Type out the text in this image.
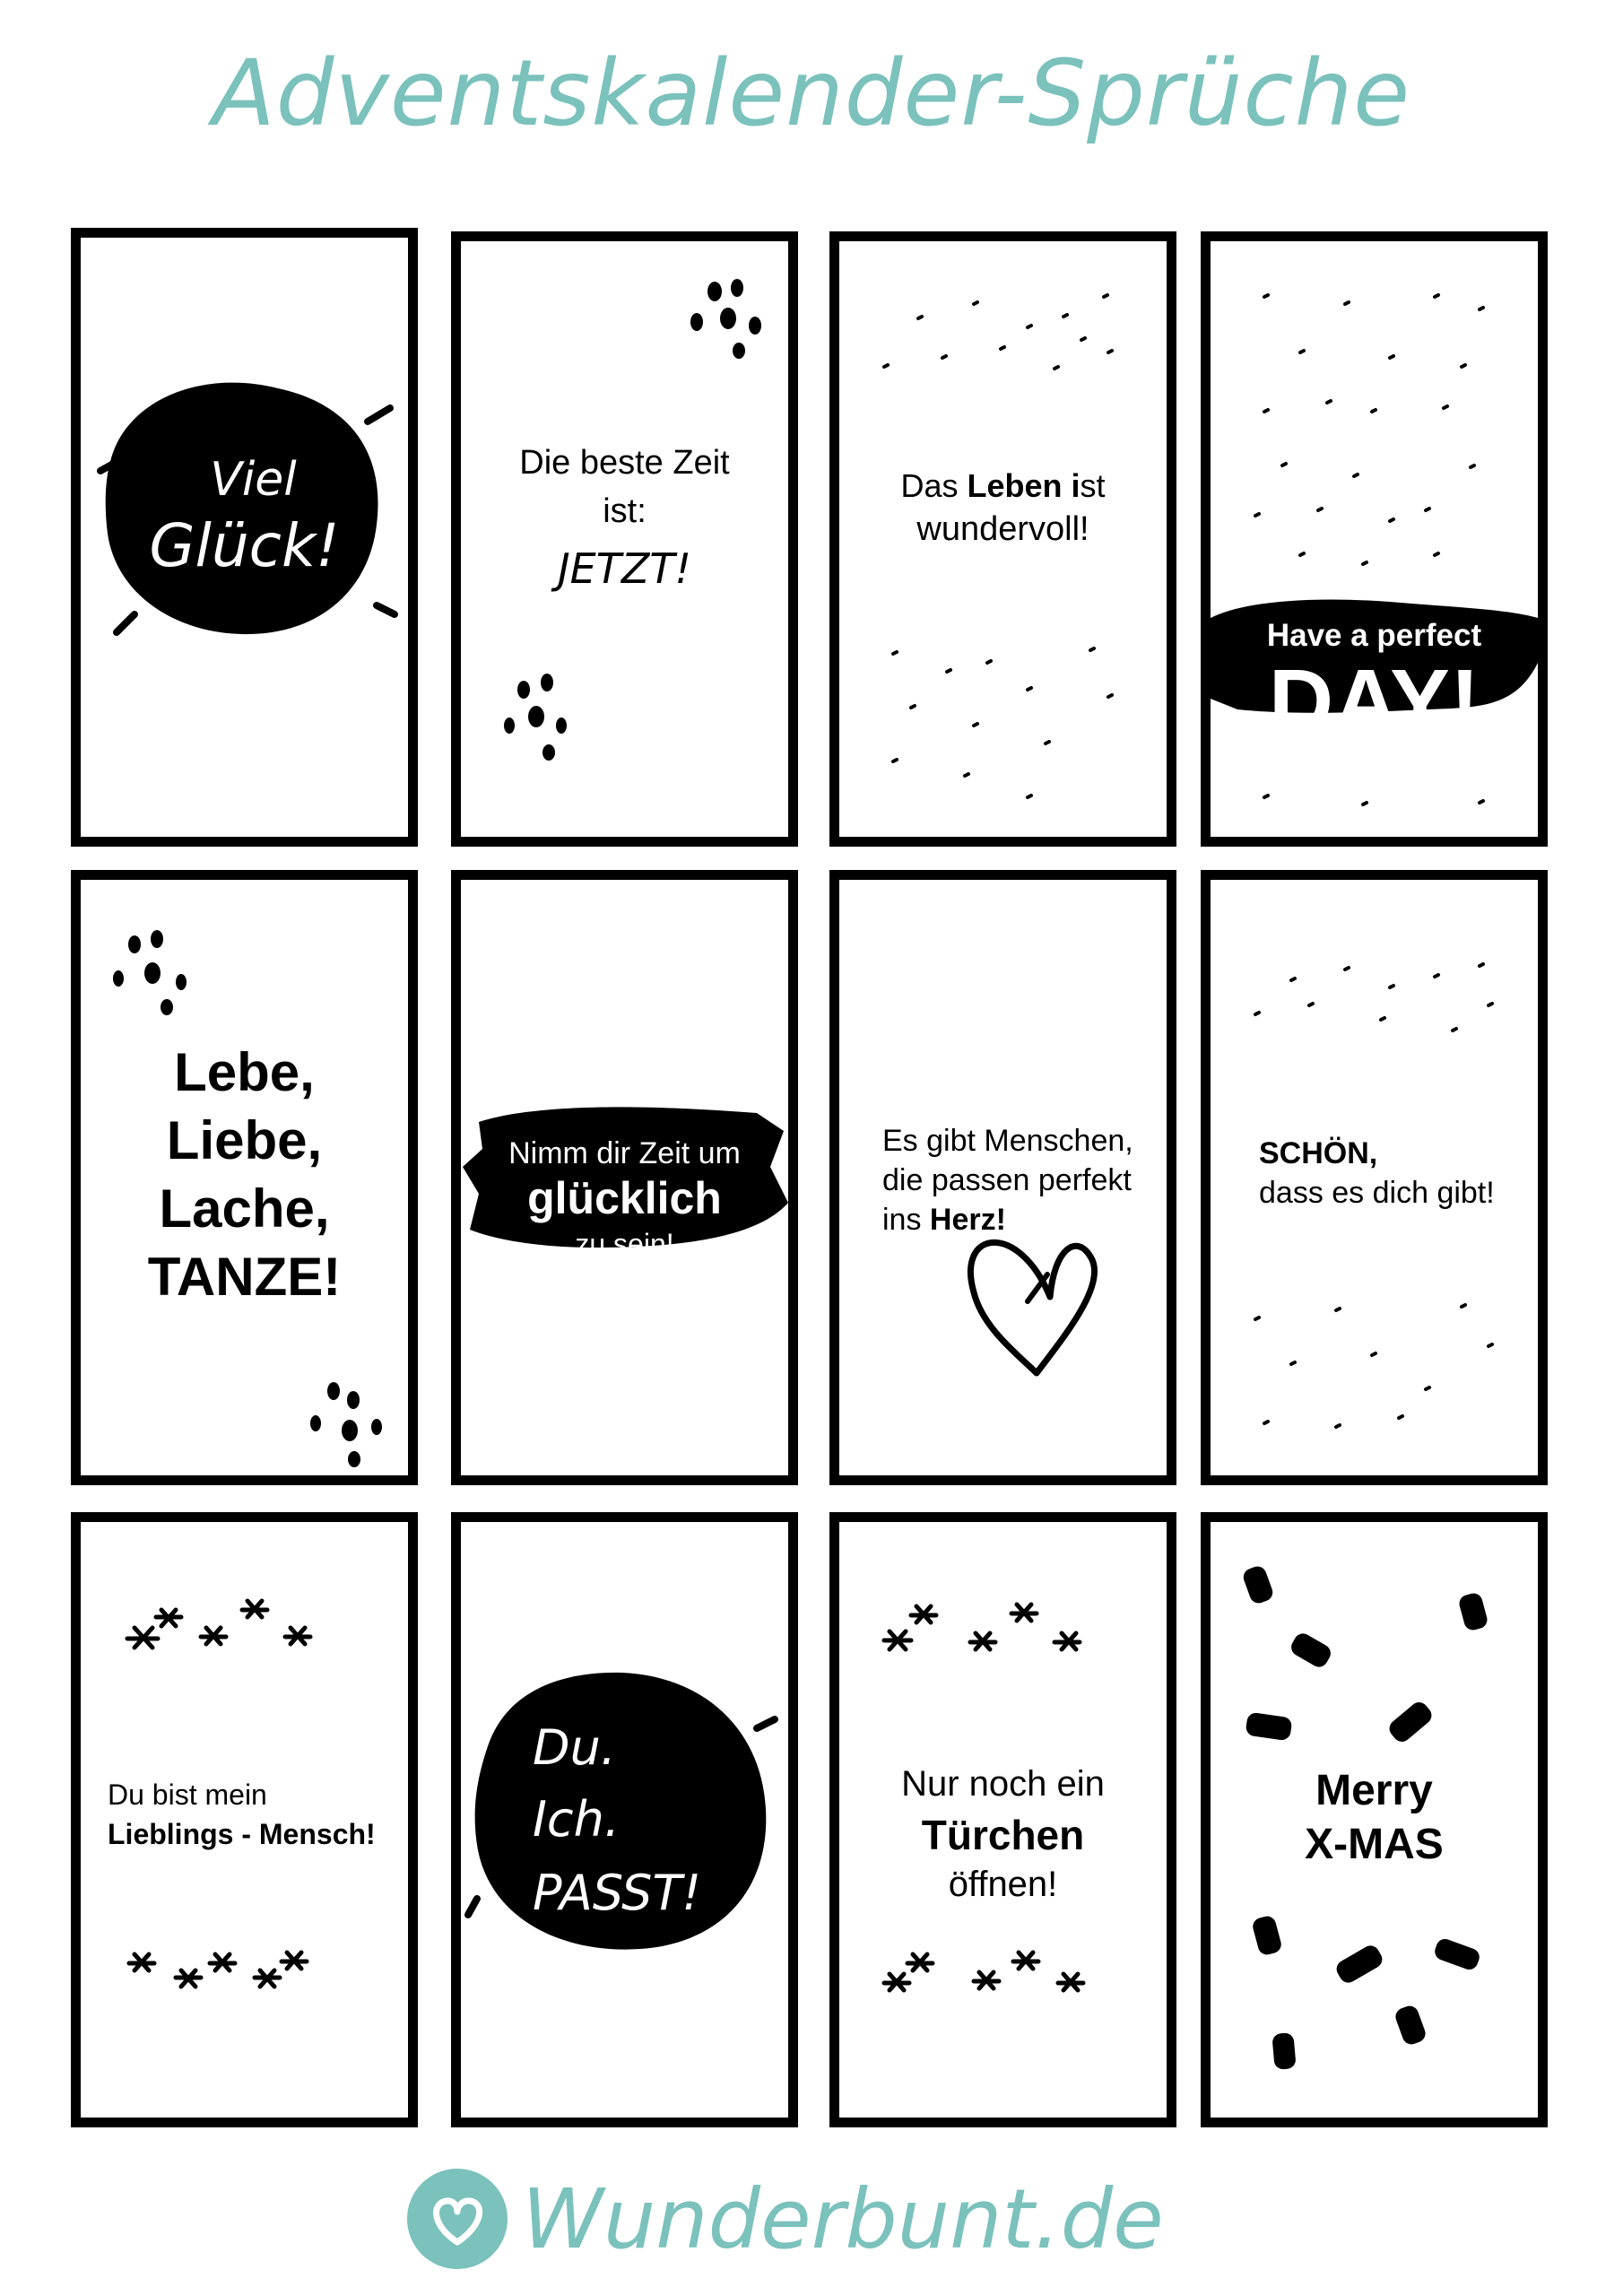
Adventskalender-Sprüche
Viel
Glück!
Die beste Zeit
ist:
JETZT!
Das Leben ist
wundervoll!
Have a perfect
DAY!
Lebe,
Liebe,
Lache,
TANZE!
Nimm dir Zeit um
glücklich
zu sein!
Es gibt Menschen,
die passen perfekt
ins Herz!
SCHÖN,
dass es dich gibt!
Du bist mein
Lieblings - Mensch!
Du.
Ich.
PASST!
Nur noch ein
Türchen
öffnen!
Merry
X-MAS
Wunderbunt.de
